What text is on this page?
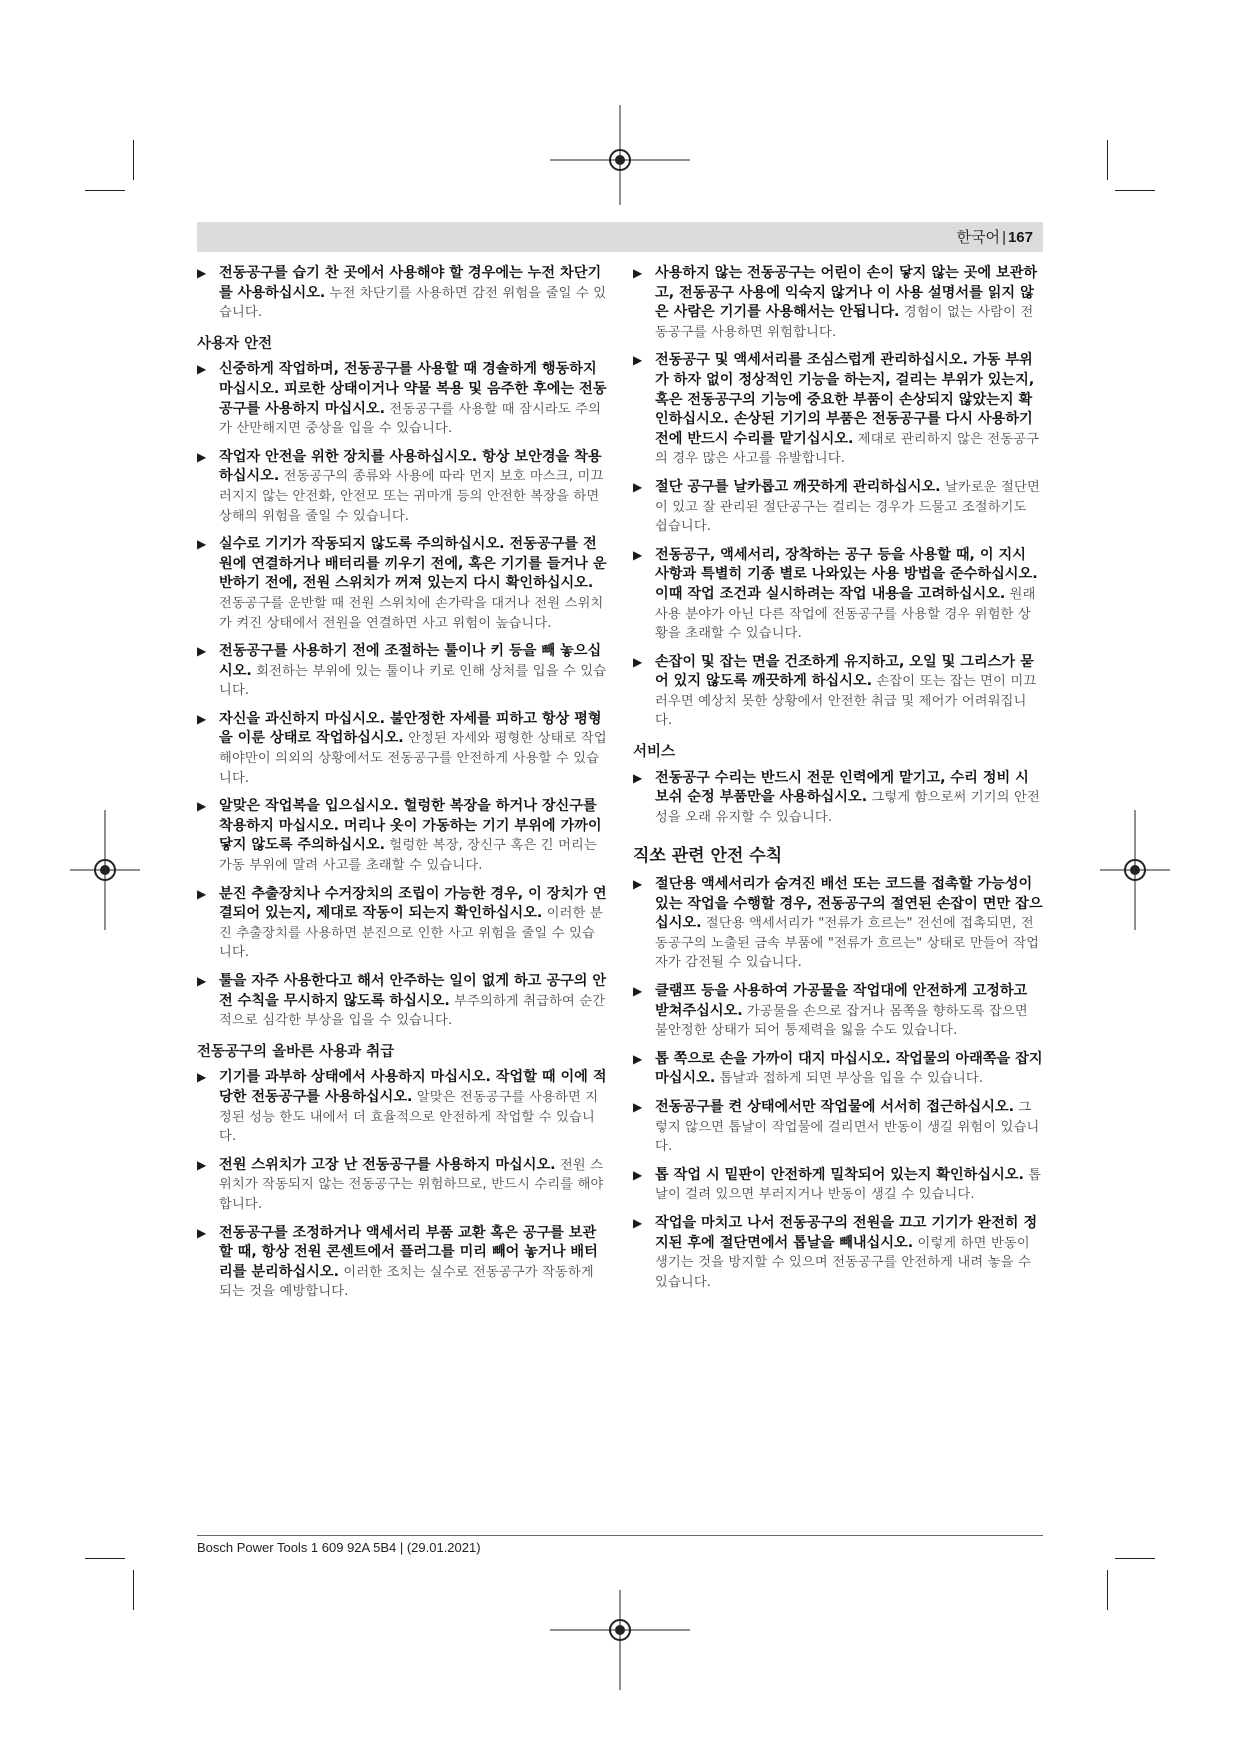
한국어 | 167
▶ 전동공구를 습기 찬 곳에서 사용해야 할 경우에는 누전 차단기를 사용하십시오. 누전 차단기를 사용하면 감전 위험을 줄일 수 있습니다.
사용자 안전
▶ 신중하게 작업하며, 전동공구를 사용할 때 경솔하게 행동하지 마십시오. 피로한 상태이거나 약물 복용 및 음주한 후에는 전동공구를 사용하지 마십시오. 전동공구를 사용할 때 잠시라도 주의가 산만해지면 중상을 입을 수 있습니다.
▶ 작업자 안전을 위한 장치를 사용하십시오. 항상 보안경을 착용하십시오. 전동공구의 종류와 사용에 따라 먼지 보호 마스크, 미끄러지지 않는 안전화, 안전모 또는 귀마개 등의 안전한 복장을 하면 상해의 위험을 줄일 수 있습니다.
▶ 실수로 기기가 작동되지 않도록 주의하십시오. 전동공구를 전원에 연결하거나 배터리를 끼우기 전에, 혹은 기기를 들거나 운반하기 전에, 전원 스위치가 꺼져 있는지 다시 확인하십시오. 전동공구를 운반할 때 전원 스위치에 손가락을 대거나 전원 스위치가 켜진 상태에서 전원을 연결하면 사고 위험이 높습니다.
▶ 전동공구를 사용하기 전에 조절하는 툴이나 키 등을 빼 놓으십시오. 회전하는 부위에 있는 툴이나 키로 인해 상처를 입을 수 있습니다.
▶ 자신을 과신하지 마십시오. 불안정한 자세를 피하고 항상 평형을 이룬 상태로 작업하십시오. 안정된 자세와 평형한 상태로 작업해야만이 의외의 상황에서도 전동공구를 안전하게 사용할 수 있습니다.
▶ 알맞은 작업복을 입으십시오. 헐렁한 복장을 하거나 장신구를 착용하지 마십시오. 머리나 옷이 가동하는 기기 부위에 가까이 닿지 않도록 주의하십시오. 헐렁한 복장, 장신구 혹은 긴 머리는 가동 부위에 말려 사고를 초래할 수 있습니다.
▶ 분진 추출장치나 수거장치의 조립이 가능한 경우, 이 장치가 연결되어 있는지, 제대로 작동이 되는지 확인하십시오. 이러한 분진 추출장치를 사용하면 분진으로 인한 사고 위험을 줄일 수 있습니다.
▶ 툴을 자주 사용한다고 해서 안주하는 일이 없게 하고 공구의 안전 수칙을 무시하지 않도록 하십시오. 부주의하게 취급하여 순간적으로 심각한 부상을 입을 수 있습니다.
전동공구의 올바른 사용과 취급
▶ 기기를 과부하 상태에서 사용하지 마십시오. 작업할 때 이에 적당한 전동공구를 사용하십시오. 알맞은 전동공구를 사용하면 지정된 성능 한도 내에서 더 효율적으로 안전하게 작업할 수 있습니다.
▶ 전원 스위치가 고장 난 전동공구를 사용하지 마십시오. 전원 스위치가 작동되지 않는 전동공구는 위험하므로, 반드시 수리를 해야 합니다.
▶ 전동공구를 조정하거나 액세서리 부품 교환 혹은 공구를 보관할 때, 항상 전원 콘센트에서 플러그를 미리 빼어 놓거나 배터리를 분리하십시오. 이러한 조치는 실수로 전동공구가 작동하게 되는 것을 예방합니다.
▶ 사용하지 않는 전동공구는 어린이 손이 닿지 않는 곳에 보관하고, 전동공구 사용에 익숙지 않거나 이 사용 설명서를 읽지 않은 사람은 기기를 사용해서는 안됩니다. 경험이 없는 사람이 전동공구를 사용하면 위험합니다.
▶ 전동공구 및 액세서리를 조심스럽게 관리하십시오. 가동 부위가 하자 없이 정상적인 기능을 하는지, 걸리는 부위가 있는지, 혹은 전동공구의 기능에 중요한 부품이 손상되지 않았는지 확인하십시오. 손상된 기기의 부품은 전동공구를 다시 사용하기 전에 반드시 수리를 맡기십시오. 제대로 관리하지 않은 전동공구의 경우 많은 사고를 유발합니다.
▶ 절단 공구를 날카롭고 깨끗하게 관리하십시오. 날카로운 절단면이 있고 잘 관리된 절단공구는 걸리는 경우가 드물고 조절하기도 쉽습니다.
▶ 전동공구, 액세서리, 장착하는 공구 등을 사용할 때, 이 지시 사항과 특별히 기종 별로 나와있는 사용 방법을 준수하십시오. 이때 작업 조건과 실시하려는 작업 내용을 고려하십시오. 원래 사용 분야가 아닌 다른 작업에 전동공구를 사용할 경우 위험한 상황을 초래할 수 있습니다.
▶ 손잡이 및 잡는 면을 건조하게 유지하고, 오일 및 그리스가 묻어 있지 않도록 깨끗하게 하십시오. 손잡이 또는 잡는 면이 미끄러우면 예상치 못한 상황에서 안전한 취급 및 제어가 어려워집니다.
서비스
▶ 전동공구 수리는 반드시 전문 인력에게 맡기고, 수리 정비 시 보쉬 순정 부품만을 사용하십시오. 그렇게 함으로써 기기의 안전성을 오래 유지할 수 있습니다.
직쏘 관련 안전 수칙
▶ 절단용 액세서리가 숨겨진 배선 또는 코드를 접촉할 가능성이 있는 작업을 수행할 경우, 전동공구의 절연된 손잡이 면만 잡으십시오. 절단용 액세서리가 "전류가 흐르는" 전선에 접촉되면, 전동공구의 노출된 금속 부품에 "전류가 흐르는" 상태로 만들어 작업자가 감전될 수 있습니다.
▶ 클램프 등을 사용하여 가공물을 작업대에 안전하게 고정하고 받쳐주십시오. 가공물을 손으로 잡거나 몸쪽을 향하도록 잡으면 불안정한 상태가 되어 통제력을 잃을 수도 있습니다.
▶ 톱 쪽으로 손을 가까이 대지 마십시오. 작업물의 아래쪽을 잡지 마십시오. 톱날과 접하게 되면 부상을 입을 수 있습니다.
▶ 전동공구를 켠 상태에서만 작업물에 서서히 접근하십시오. 그렇지 않으면 톱날이 작업물에 걸리면서 반동이 생길 위험이 있습니다.
▶ 톱 작업 시 밑판이 안전하게 밀착되어 있는지 확인하십시오. 톱날이 걸려 있으면 부러지거나 반동이 생길 수 있습니다.
▶ 작업을 마치고 나서 전동공구의 전원을 끄고 기기가 완전히 정지된 후에 절단면에서 톱날을 빼내십시오. 이렇게 하면 반동이 생기는 것을 방지할 수 있으며 전동공구를 안전하게 내려 놓을 수 있습니다.
Bosch Power Tools 1 609 92A 5B4 | (29.01.2021)
